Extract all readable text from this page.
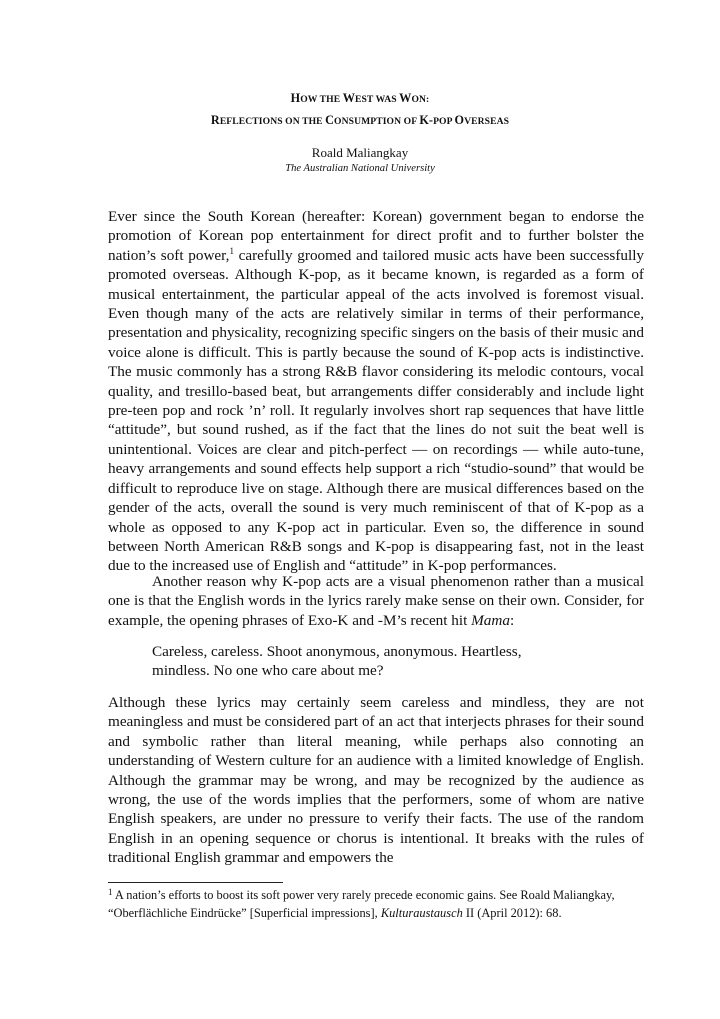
HOW THE WEST WAS WON:
REFLECTIONS ON THE CONSUMPTION OF K-POP OVERSEAS
Roald Maliangkay
The Australian National University
Ever since the South Korean (hereafter: Korean) government began to endorse the promotion of Korean pop entertainment for direct profit and to further bolster the nation’s soft power,$^1$ carefully groomed and tailored music acts have been successfully promoted overseas. Although K-pop, as it became known, is regarded as a form of musical entertainment, the particular appeal of the acts involved is foremost visual. Even though many of the acts are relatively similar in terms of their performance, presentation and physicality, recognizing specific singers on the basis of their music and voice alone is difficult. This is partly because the sound of K-pop acts is indistinctive. The music commonly has a strong R&B flavor considering its melodic contours, vocal quality, and tresillo-based beat, but arrangements differ considerably and include light pre-teen pop and rock ’n’ roll. It regularly involves short rap sequences that have little “attitude”, but sound rushed, as if the fact that the lines do not suit the beat well is unintentional. Voices are clear and pitch-perfect — on recordings — while auto-tune, heavy arrangements and sound effects help support a rich “studio-sound” that would be difficult to reproduce live on stage. Although there are musical differences based on the gender of the acts, overall the sound is very much reminiscent of that of K-pop as a whole as opposed to any K-pop act in particular. Even so, the difference in sound between North American R&B songs and K-pop is disappearing fast, not in the least due to the increased use of English and “attitude” in K-pop performances.
Another reason why K-pop acts are a visual phenomenon rather than a musical one is that the English words in the lyrics rarely make sense on their own. Consider, for example, the opening phrases of Exo-K and -M’s recent hit Mama:
Careless, careless. Shoot anonymous, anonymous. Heartless,
mindless. No one who care about me?
Although these lyrics may certainly seem careless and mindless, they are not meaningless and must be considered part of an act that interjects phrases for their sound and symbolic rather than literal meaning, while perhaps also connoting an understanding of Western culture for an audience with a limited knowledge of English. Although the grammar may be wrong, and may be recognized by the audience as wrong, the use of the words implies that the performers, some of whom are native English speakers, are under no pressure to verify their facts. The use of the random English in an opening sequence or chorus is intentional. It breaks with the rules of traditional English grammar and empowers the
$^1$ A nation’s efforts to boost its soft power very rarely precede economic gains. See Roald Maliangkay, “Oberflächliche Eindrücke” [Superficial impressions], Kulturaustausch II (April 2012): 68.
